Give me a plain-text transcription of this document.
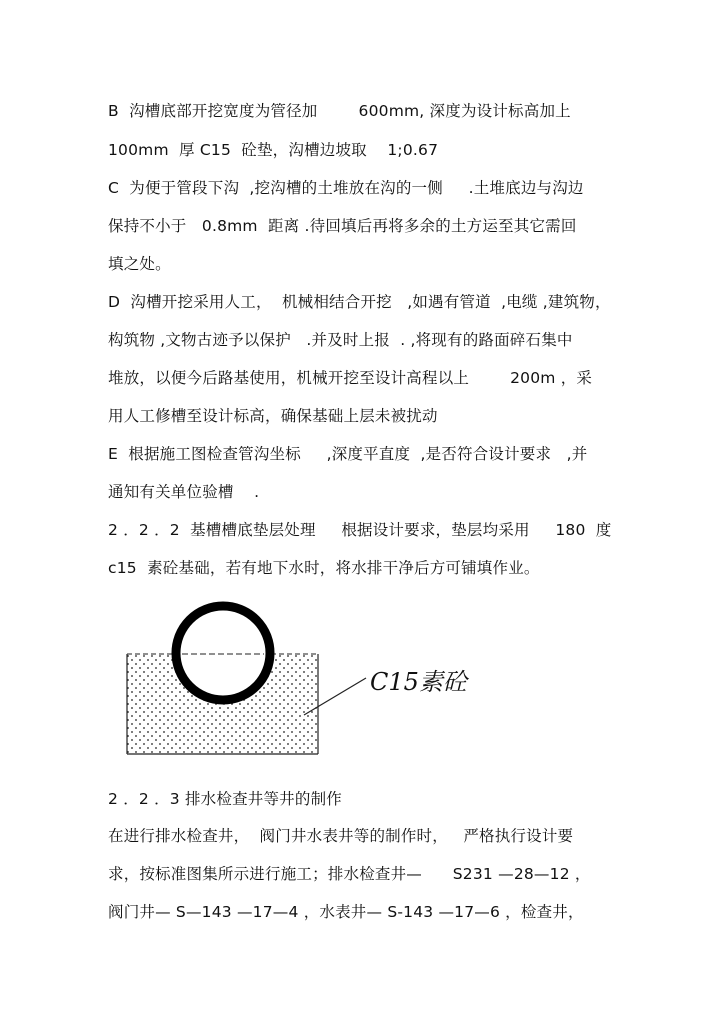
B  沟槽底部开挖宽度为管径加        600mm, 深度为设计标高加上
100mm  厚 C15  砼垫，沟槽边坡取    1;0.67
C  为便于管段下沟  ,挖沟槽的土堆放在沟的一侧     .土堆底边与沟边
保持不小于   0.8mm  距离 .待回填后再将多余的土方运至其它需回
填之处。
D  沟槽开挖采用人工，  机械相结合开挖   ,如遇有管道  ,电缆 ,建筑物，
构筑物 ,文物古迹予以保护   .并及时上报  . ,将现有的路面碎石集中
堆放，以便今后路基使用，机械开挖至设计高程以上        200m ，采
用人工修槽至设计标高，确保基础上层未被扰动
E  根据施工图检查管沟坐标     ,深度平直度  ,是否符合设计要求   ,并
通知有关单位验槽    .
2 ．2 ．2  基槽槽底垫层处理     根据设计要求，垫层均采用     180  度
c15  素砼基础，若有地下水时，将水排干净后方可铺填作业。
C15素砼
2 ．2 ．3 排水检查井等井的制作
在进行排水检查井，  阀门井水表井等的制作时，   严格执行设计要
求，按标准图集所示进行施工；排水检查井—      S231 —28—12 ，
阀门井— S—143 —17—4 ，水表井— S-143 —17—6 ，检查井，
